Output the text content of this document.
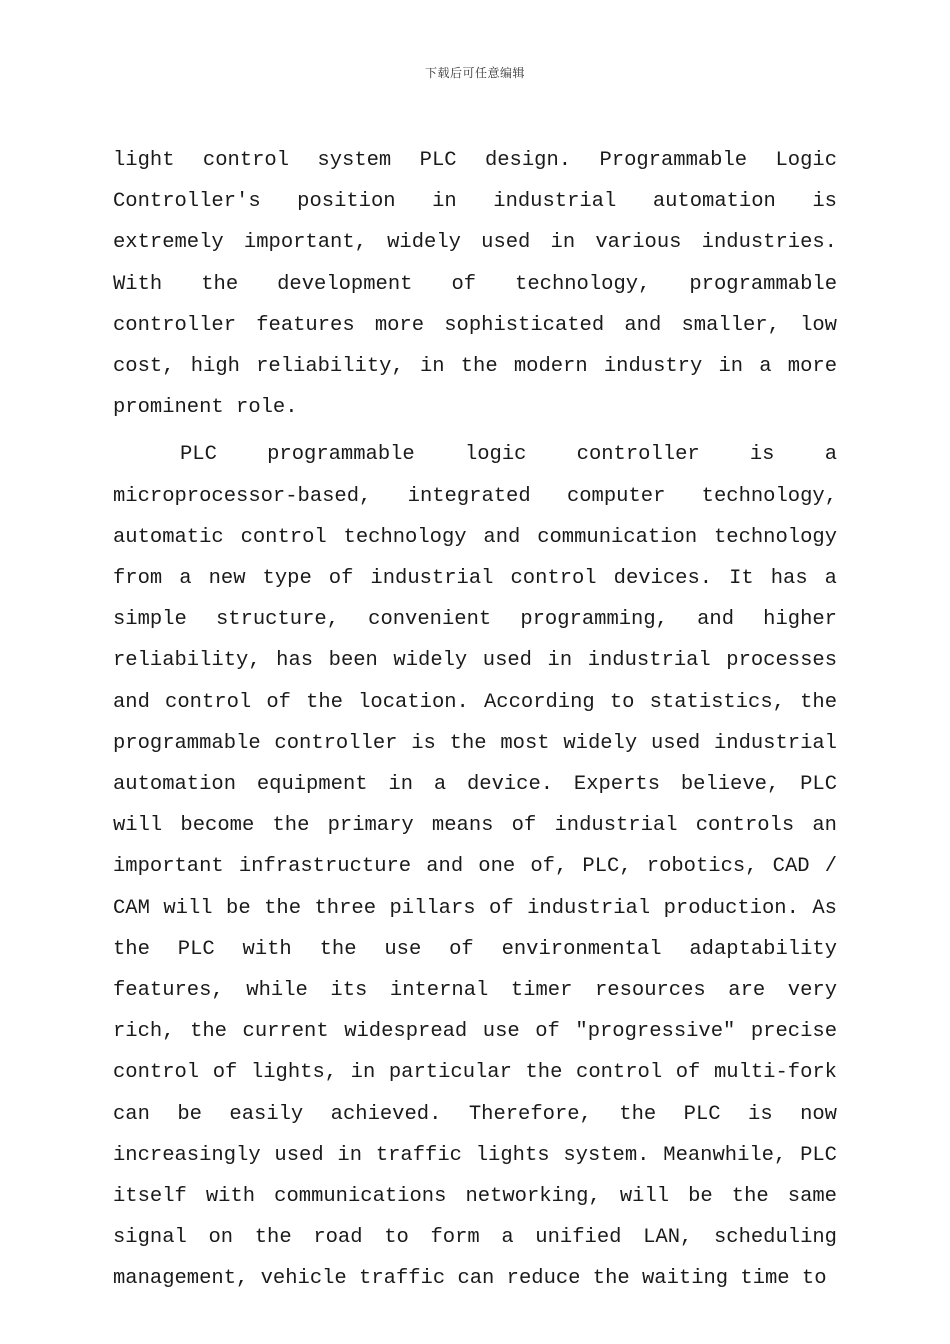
下载后可任意编辑

light control system PLC design. Programmable Logic Controller's position in industrial automation is extremely important, widely used in various industries. With the development of technology, programmable controller features more sophisticated and smaller, low cost, high reliability, in the modern industry in a more prominent role.

PLC programmable logic controller is a microprocessor-based, integrated computer technology, automatic control technology and communication technology from a new type of industrial control devices. It has a simple structure, convenient programming, and higher reliability, has been widely used in industrial processes and control of the location. According to statistics, the programmable controller is the most widely used industrial automation equipment in a device. Experts believe, PLC will become the primary means of industrial controls an important infrastructure and one of, PLC, robotics, CAD / CAM will be the three pillars of industrial production. As the PLC with the use of environmental adaptability features, while its internal timer resources are very rich, the current widespread use of "progressive" precise control of lights, in particular the control of multi-fork can be easily achieved. Therefore, the PLC is now increasingly used in traffic lights system. Meanwhile, PLC itself with communications networking, will be the same signal on the road to form a unified LAN, scheduling management, vehicle traffic can reduce the waiting time to
